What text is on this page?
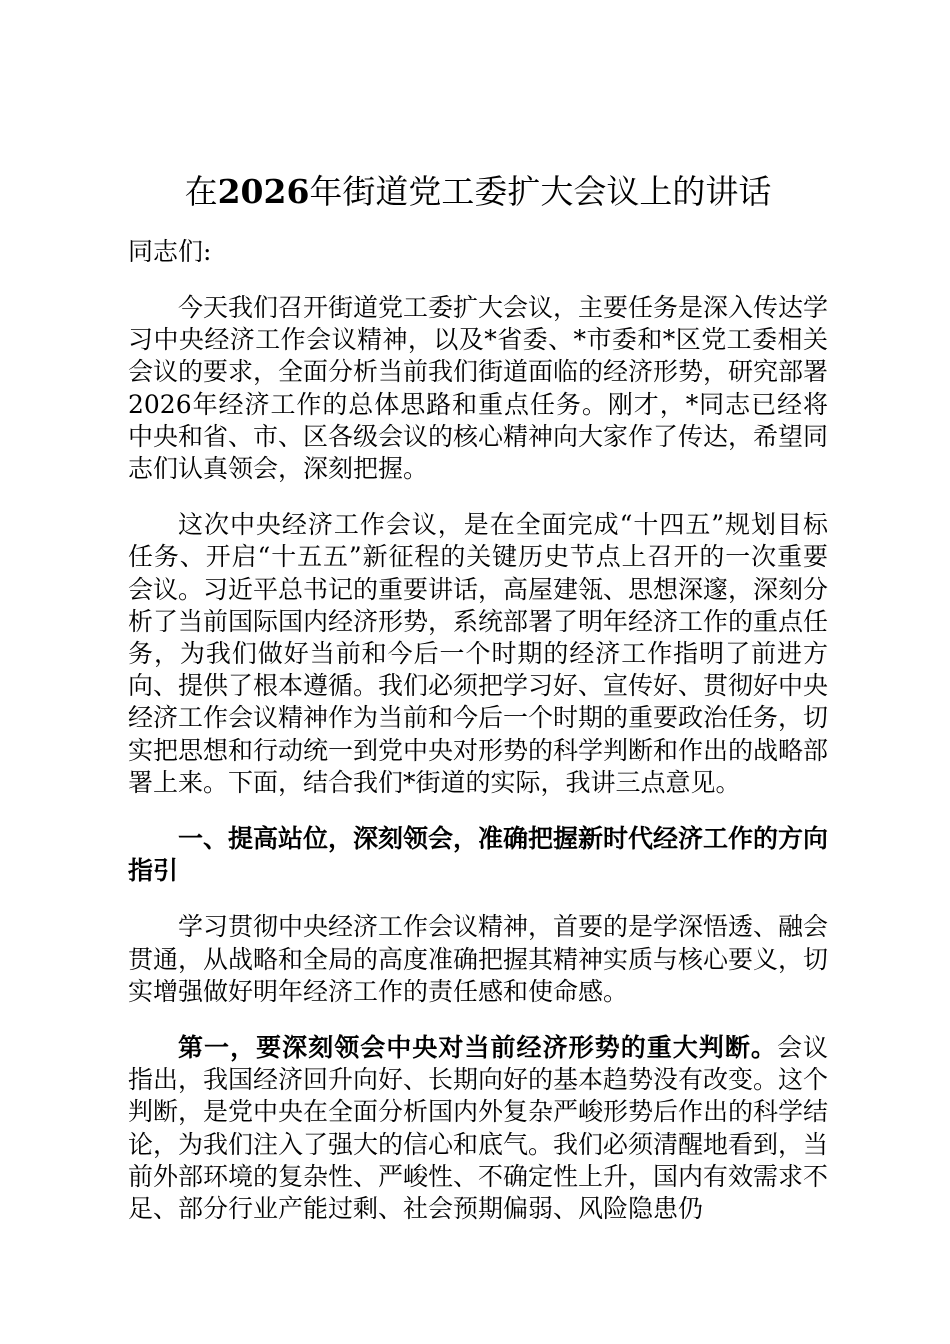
在2026年街道党工委扩大会议上的讲话

同志们:

今天我们召开街道党工委扩大会议，主要任务是深入传达学习中央经济工作会议精神，以及*省委、*市委和*区党工委相关会议的要求，全面分析当前我们街道面临的经济形势，研究部署2026年经济工作的总体思路和重点任务。刚才，*同志已经将中央和省、市、区各级会议的核心精神向大家作了传达，希望同志们认真领会，深刻把握。

这次中央经济工作会议，是在全面完成“十四五”规划目标任务、开启“十五五”新征程的关键历史节点上召开的一次重要会议。习近平总书记的重要讲话，高屋建瓴、思想深邃，深刻分析了当前国际国内经济形势，系统部署了明年经济工作的重点任务，为我们做好当前和今后一个时期的经济工作指明了前进方向、提供了根本遵循。我们必须把学习好、宣传好、贯彻好中央经济工作会议精神作为当前和今后一个时期的重要政治任务，切实把思想和行动统一到党中央对形势的科学判断和作出的战略部署上来。下面，结合我们*街道的实际，我讲三点意见。

一、提高站位，深刻领会，准确把握新时代经济工作的方向指引

学习贯彻中央经济工作会议精神，首要的是学深悟透、融会贯通，从战略和全局的高度准确把握其精神实质与核心要义，切实增强做好明年经济工作的责任感和使命感。

第一，要深刻领会中央对当前经济形势的重大判断。会议指出，我国经济回升向好、长期向好的基本趋势没有改变。这个判断，是党中央在全面分析国内外复杂严峻形势后作出的科学结论，为我们注入了强大的信心和底气。我们必须清醒地看到，当前外部环境的复杂性、严峻性、不确定性上升，国内有效需求不足、部分行业产能过剩、社会预期偏弱、风险隐患仍
